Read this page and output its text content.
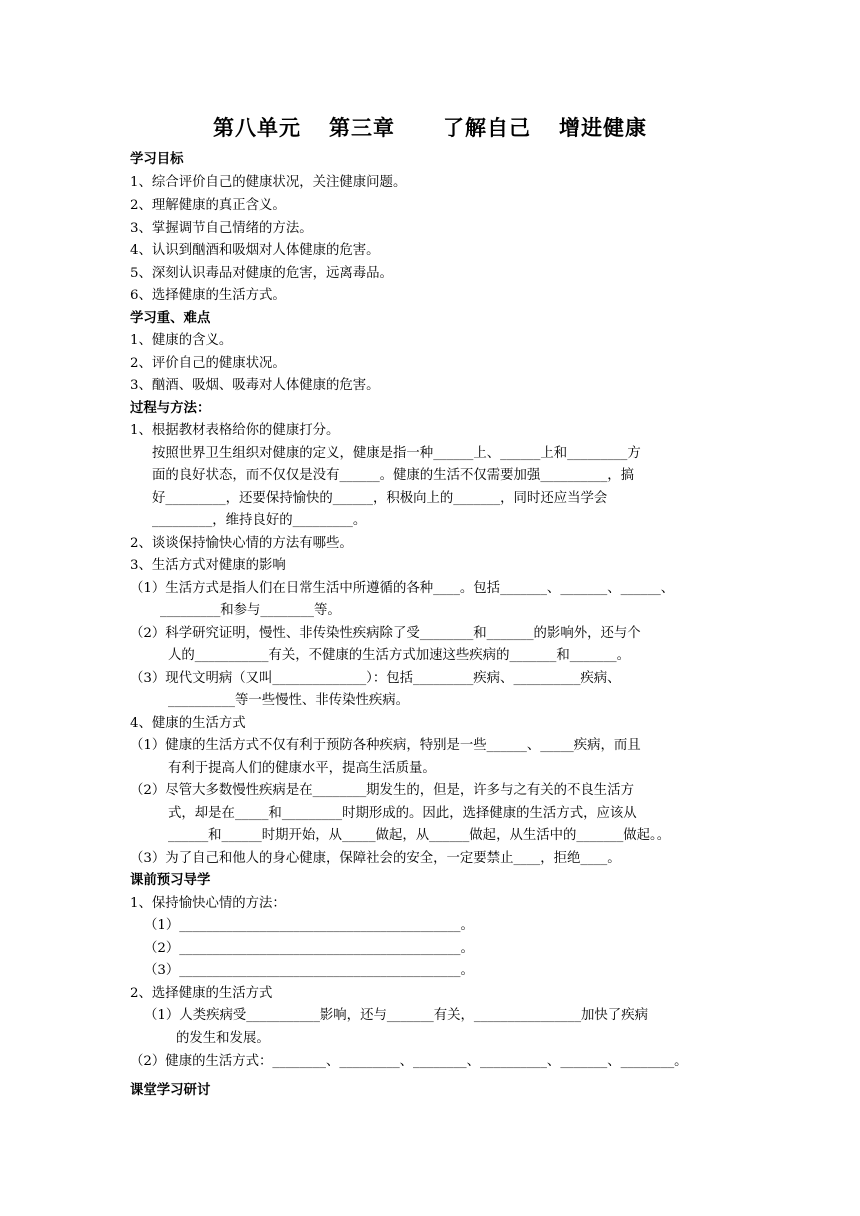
第八单元 第三章 了解自己 增进健康
学习目标
1、综合评价自己的健康状况，关注健康问题。
2、理解健康的真正含义。
3、掌握调节自己情绪的方法。
4、认识到酗酒和吸烟对人体健康的危害。
5、深刻认识毒品对健康的危害，远离毒品。
6、选择健康的生活方式。
学习重、难点
1、健康的含义。
2、评价自己的健康状况。
3、酗酒、吸烟、吸毒对人体健康的危害。
过程与方法：
1、根据教材表格给你的健康打分。
按照世界卫生组织对健康的定义，健康是指一种______上、______上和_________方
面的良好状态，而不仅仅是没有______。健康的生活不仅需要加强__________，搞
好_________，还要保持愉快的______，积极向上的_______，同时还应当学会
_________，维持良好的_________。
2、谈谈保持愉快心情的方法有哪些。
3、生活方式对健康的影响
（1）生活方式是指人们在日常生活中所遵循的各种____。包括_______、_______、______、
_________和参与________等。
（2）科学研究证明，慢性、非传染性疾病除了受________和_______的影响外，还与个
人的___________有关，不健康的生活方式加速这些疾病的_______和_______。
（3）现代文明病（又叫______________）：包括_________疾病、__________疾病、
__________等一些慢性、非传染性疾病。
4、健康的生活方式
（1）健康的生活方式不仅有利于预防各种疾病，特别是一些______、_____疾病，而且
有利于提高人们的健康水平，提高生活质量。
（2）尽管大多数慢性疾病是在________期发生的，但是，许多与之有关的不良生活方
式，却是在_____和_________时期形成的。因此，选择健康的生活方式，应该从
______和______时期开始，从_____做起，从______做起，从生活中的_______做起。。
（3）为了自己和他人的身心健康，保障社会的安全，一定要禁止____，拒绝____。
课前预习导学
1、保持愉快心情的方法：
（1）__________________________________________。
（2）__________________________________________。
（3）__________________________________________。
2、选择健康的生活方式
（1）人类疾病受___________影响，还与_______有关，________________加快了疾病
的发生和发展。
（2）健康的生活方式：________、_________、________、__________、_______、________。
课堂学习研讨
